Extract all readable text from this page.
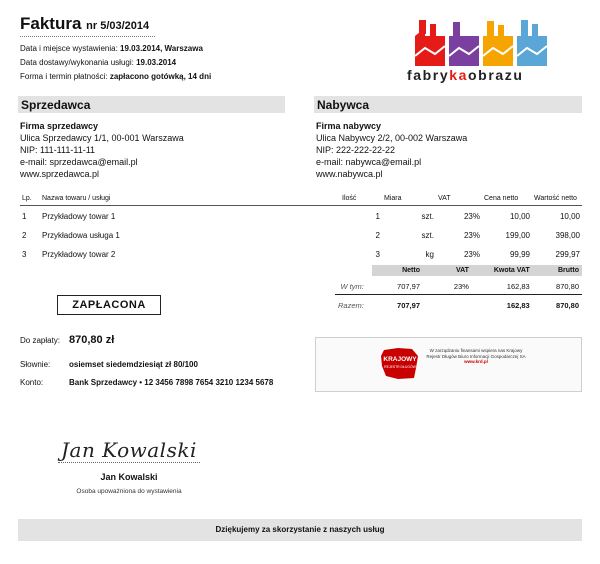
Faktura nr 5/03/2014
Data i miejsce wystawienia: 19.03.2014, Warszawa
Data dostawy/wykonania usługi: 19.03.2014
Forma i termin płatności: zapłacono gotówką, 14 dni	fabrykaobrazu
Sprzedawca
Firma sprzedawcy
Ulica Sprzedawcy 1/1, 00-001 Warszawa
NIP: 111-111-11-11
e-mail: sprzedawca@email.pl
www.sprzedawca.pl
Nabywca
Firma nabywcy
Ulica Nabywcy 2/2, 00-002 Warszawa
NIP: 222-222-22-22
e-mail: nabywca@email.pl
www.nabywca.pl
Lp.	Nazwa towaru / usługi	Ilość	Miara	VAT	Cena netto	Wartość netto
1	Przykładowy towar 1	1	szt.	23%	10,00	10,00
2	Przykładowa usługa 1	2	szt.	23%	199,00	398,00
3	Przykładowy towar 2	3	kg	23%	99,99	299,97
	Netto	VAT	Kwota VAT	Brutto
W tym:	707,97	23%	162,83	870,80
Razem:	707,97		162,83	870,80
ZAPŁACONA
Do zapłaty: 870,80 zł
Słownie:	osiemset siedemdziesiąt zł 80/100
Konto:	Bank Sprzedawcy • 12 3456 7898 7654 3210 1234 5678
KRAJOWY
REJESTR DŁUGÓW
W zarządzaniu finansami wspiera nas Krajowy Rejestr Długów Biuro Informacji Gospodarczej SA
www.krd.pl
Jan Kowalski
Jan Kowalski
Osoba upoważniona do wystawienia
Dziękujemy za skorzystanie z naszych usług
